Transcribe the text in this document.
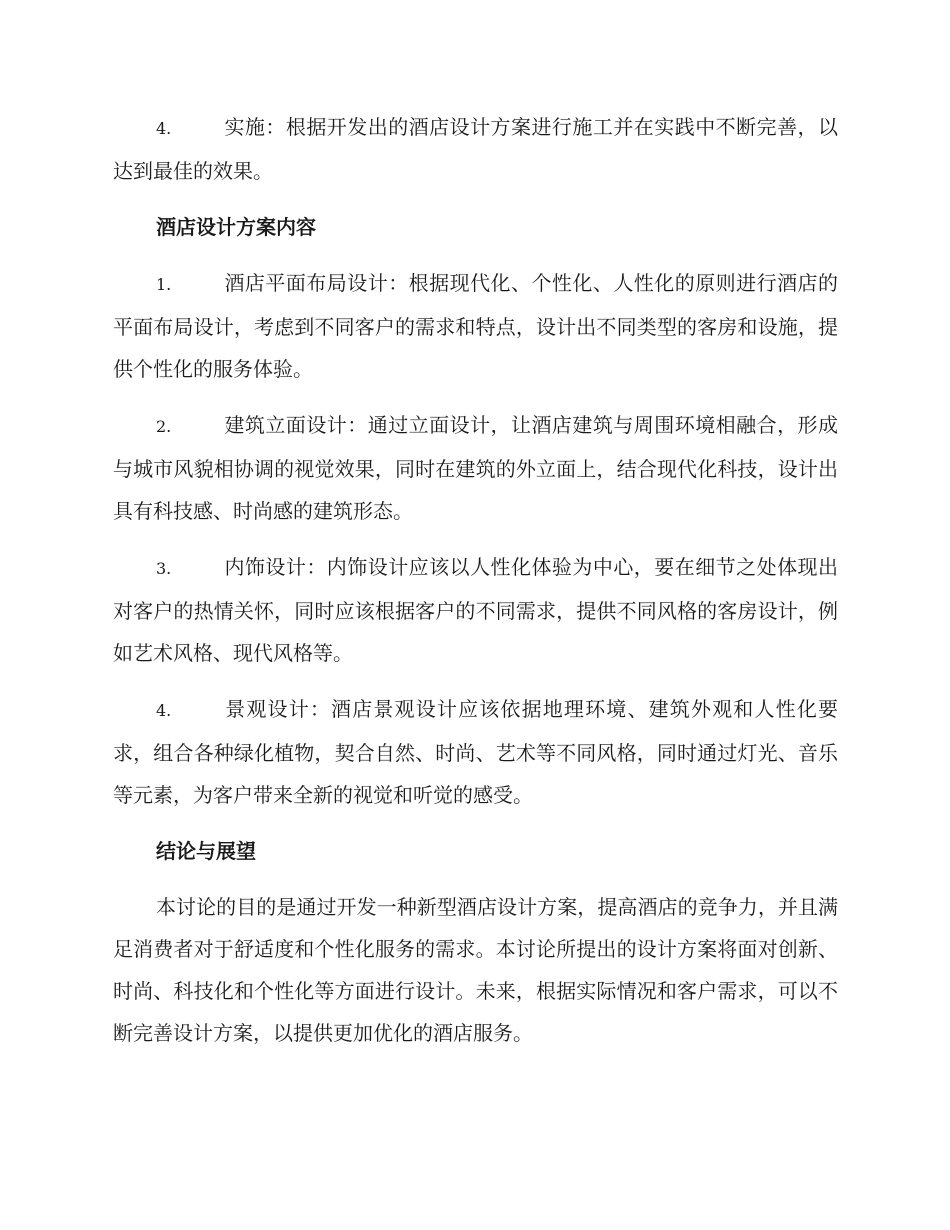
4.	实施：根据开发出的酒店设计方案进行施工并在实践中不断完善，以达到最佳的效果。

酒店设计方案内容

1.	酒店平面布局设计：根据现代化、个性化、人性化的原则进行酒店的平面布局设计，考虑到不同客户的需求和特点，设计出不同类型的客房和设施，提供个性化的服务体验。

2.	建筑立面设计：通过立面设计，让酒店建筑与周围环境相融合，形成与城市风貌相协调的视觉效果，同时在建筑的外立面上，结合现代化科技，设计出具有科技感、时尚感的建筑形态。

3.	内饰设计：内饰设计应该以人性化体验为中心，要在细节之处体现出对客户的热情关怀，同时应该根据客户的不同需求，提供不同风格的客房设计，例如艺术风格、现代风格等。

4.	景观设计：酒店景观设计应该依据地理环境、建筑外观和人性化要求，组合各种绿化植物，契合自然、时尚、艺术等不同风格，同时通过灯光、音乐等元素，为客户带来全新的视觉和听觉的感受。

结论与展望

本讨论的目的是通过开发一种新型酒店设计方案，提高酒店的竞争力，并且满足消费者对于舒适度和个性化服务的需求。本讨论所提出的设计方案将面对创新、时尚、科技化和个性化等方面进行设计。未来，根据实际情况和客户需求，可以不断完善设计方案，以提供更加优化的酒店服务。
